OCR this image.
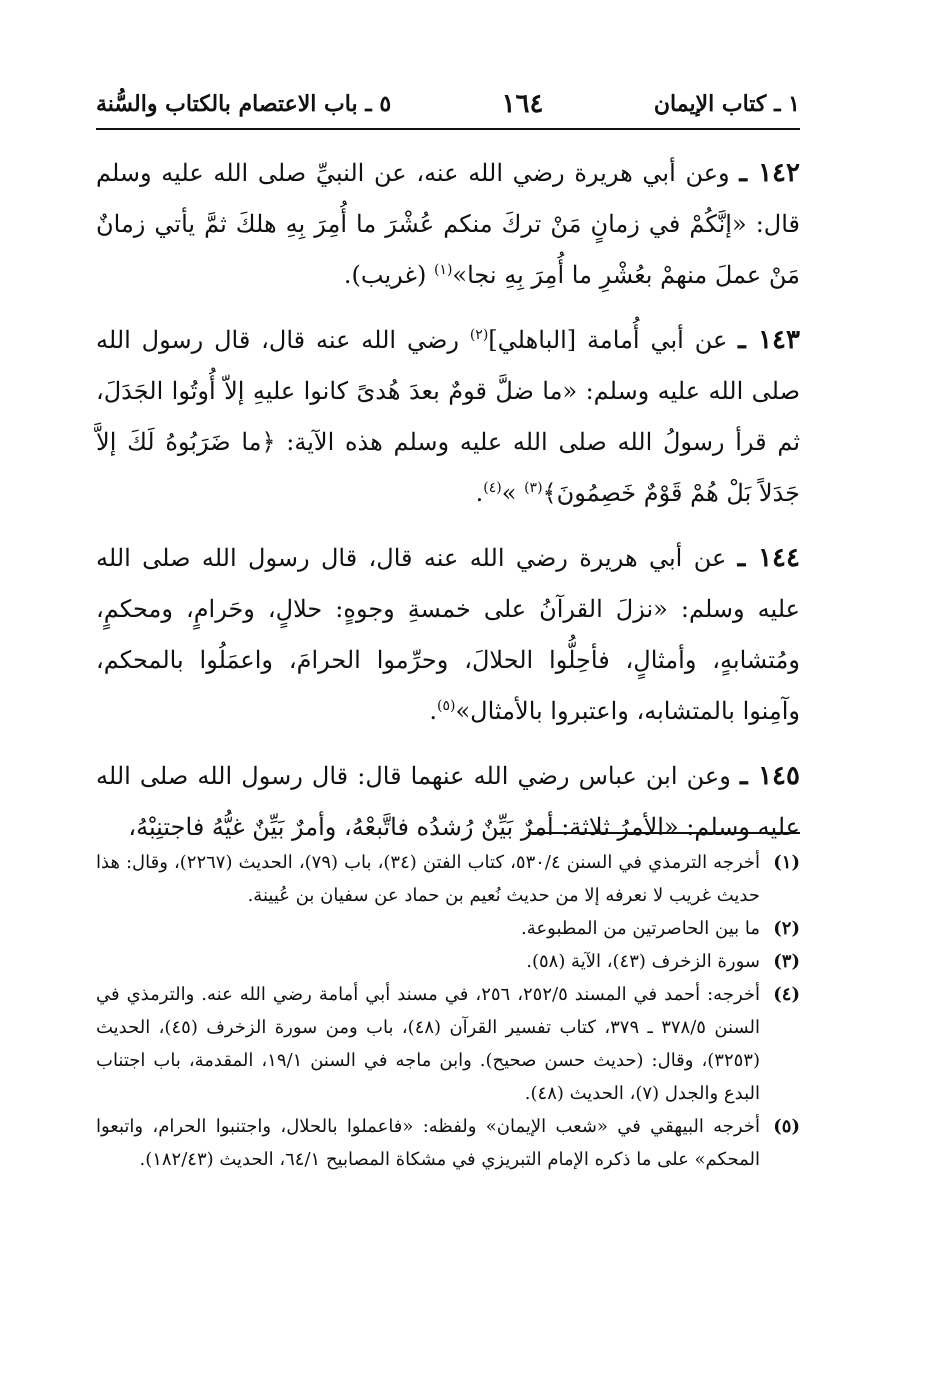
١ ـ كتاب الإيمان
١٦٤
٥ ـ باب الاعتصام بالكتاب والسُّنة

١٤٢ ـ وعن أبي هريرة رضي الله عنه، عن النبيِّ صلى الله عليه وسلم قال: «إنَّكُمْ في زمانٍ مَنْ تركَ منكم عُشْرَ ما أُمِرَ بِهِ هلكَ ثمَّ يأتي زمانٌ مَنْ عملَ منهمْ بعُشْرِ ما أُمِرَ بِهِ نجا»$^{(١)}$ (غريب).

١٤٣ ـ عن أبي أُمامة [الباهلي]$^{(٢)}$ رضي الله عنه قال، قال رسول الله صلى الله عليه وسلم: «ما ضلَّ قومٌ بعدَ هُدىً كانوا عليهِ إلاّ أُوتُوا الجَدَلَ، ثم قرأ رسولُ الله صلى الله عليه وسلم هذه الآية: ﴿ما ضَرَبُوهُ لَكَ إلاَّ جَدَلاً بَلْ هُمْ قَوْمٌ خَصِمُونَ﴾$^{(٣)}$ »$^{(٤)}$.

١٤٤ ـ عن أبي هريرة رضي الله عنه قال، قال رسول الله صلى الله عليه وسلم: «نزلَ القرآنُ على خمسةِ وجوهٍ: حلالٍ، وحَرامٍ، ومحكمٍ، ومُتشابهٍ، وأمثالٍ، فأحِلُّوا الحلالَ، وحرِّموا الحرامَ، واعمَلُوا بالمحكم، وآمِنوا بالمتشابه، واعتبروا بالأمثال»$^{(٥)}$.

١٤٥ ـ وعن ابن عباس رضي الله عنهما قال: قال رسول الله صلى الله عليه وسلم: «الأمرُ ثلاثة: أمرٌ بَيِّنٌ رُشدُه فاتَّبعْهُ، وأمرٌ بَيِّنٌ غيُّهُ فاجتنِبْهُ،

(١)
أخرجه الترمذي في السنن ٥٣٠/٤، كتاب الفتن (٣٤)، باب (٧٩)، الحديث (٢٢٦٧)، وقال: هذا حديث غريب لا نعرفه إلا من حديث نُعيم بن حماد عن سفيان بن عُيينة.
(٢)
ما بين الحاصرتين من المطبوعة.
(٣)
سورة الزخرف (٤٣)، الآية (٥٨).
(٤)
أخرجه: أحمد في المسند ٢٥٢/٥، ٢٥٦، في مسند أبي أمامة رضي الله عنه. والترمذي في السنن ٣٧٨/٥ ـ ٣٧٩، كتاب تفسير القرآن (٤٨)، باب ومن سورة الزخرف (٤٥)، الحديث (٣٢٥٣)، وقال: (حديث حسن صحيح). وابن ماجه في السنن ١٩/١، المقدمة، باب اجتناب البدع والجدل (٧)، الحديث (٤٨).
(٥)
أخرجه البيهقي في «شعب الإيمان» ولفظه: «فاعملوا بالحلال، واجتنبوا الحرام، واتبعوا المحكم» على ما ذكره الإمام التبريزي في مشكاة المصابيح ٦٤/١، الحديث (١٨٢/٤٣).
